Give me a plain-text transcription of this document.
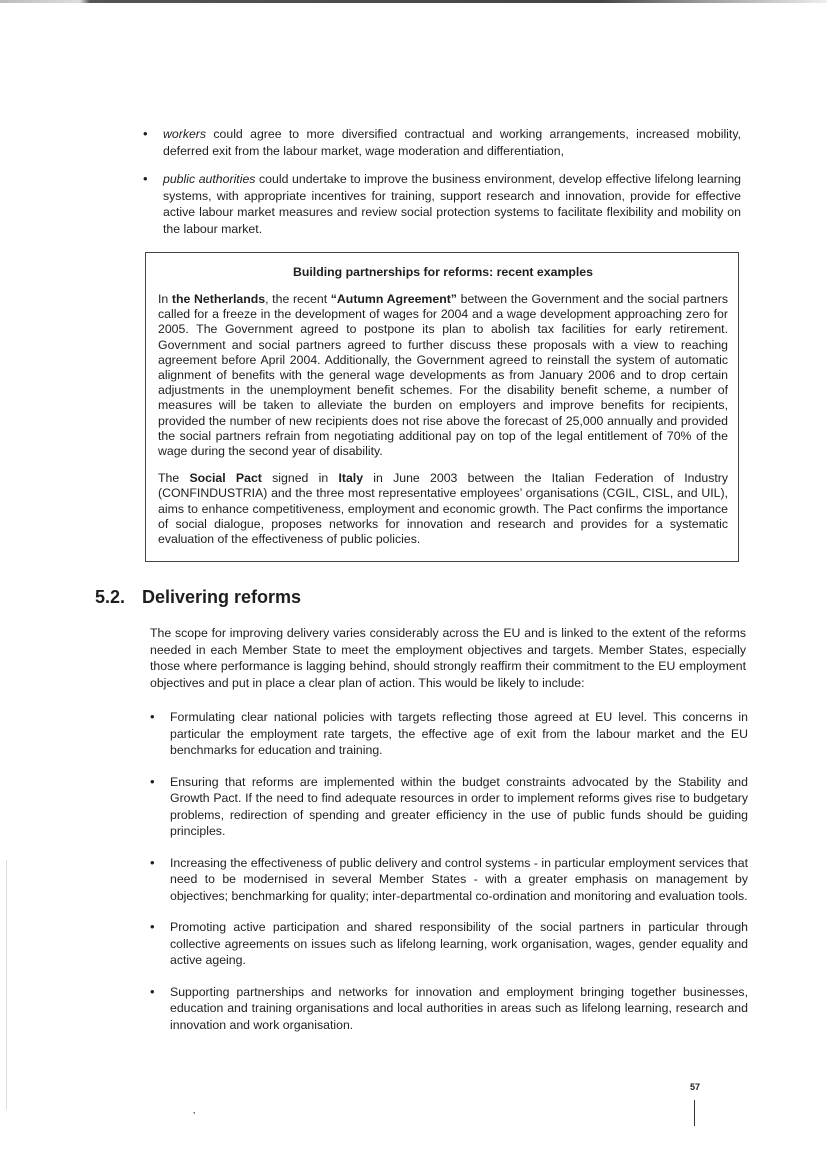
• workers could agree to more diversified contractual and working arrangements, increased mobility, deferred exit from the labour market, wage moderation and differentiation,
• public authorities could undertake to improve the business environment, develop effective lifelong learning systems, with appropriate incentives for training, support research and innovation, provide for effective active labour market measures and review social protection systems to facilitate flexibility and mobility on the labour market.
Building partnerships for reforms: recent examples

In the Netherlands, the recent “Autumn Agreement” between the Government and the social partners called for a freeze in the development of wages for 2004 and a wage development approaching zero for 2005. The Government agreed to postpone its plan to abolish tax facilities for early retirement. Government and social partners agreed to further discuss these proposals with a view to reaching agreement before April 2004. Additionally, the Government agreed to reinstall the system of automatic alignment of benefits with the general wage developments as from January 2006 and to drop certain adjustments in the unemployment benefit schemes. For the disability benefit scheme, a number of measures will be taken to alleviate the burden on employers and improve benefits for recipients, provided the number of new recipients does not rise above the forecast of 25,000 annually and provided the social partners refrain from negotiating additional pay on top of the legal entitlement of 70% of the wage during the second year of disability.

The Social Pact signed in Italy in June 2003 between the Italian Federation of Industry (CONFINDUSTRIA) and the three most representative employees’ organisations (CGIL, CISL, and UIL), aims to enhance competitiveness, employment and economic growth. The Pact confirms the importance of social dialogue, proposes networks for innovation and research and provides for a systematic evaluation of the effectiveness of public policies.

5.2. Delivering reforms

The scope for improving delivery varies considerably across the EU and is linked to the extent of the reforms needed in each Member State to meet the employment objectives and targets. Member States, especially those where performance is lagging behind, should strongly reaffirm their commitment to the EU employment objectives and put in place a clear plan of action. This would be likely to include:

• Formulating clear national policies with targets reflecting those agreed at EU level. This concerns in particular the employment rate targets, the effective age of exit from the labour market and the EU benchmarks for education and training.
• Ensuring that reforms are implemented within the budget constraints advocated by the Stability and Growth Pact. If the need to find adequate resources in order to implement reforms gives rise to budgetary problems, redirection of spending and greater efficiency in the use of public funds should be guiding principles.
• Increasing the effectiveness of public delivery and control systems - in particular employment services that need to be modernised in several Member States - with a greater emphasis on management by objectives; benchmarking for quality; inter-departmental co-ordination and monitoring and evaluation tools.
• Promoting active participation and shared responsibility of the social partners in particular through collective agreements on issues such as lifelong learning, work organisation, wages, gender equality and active ageing.
• Supporting partnerships and networks for innovation and employment bringing together businesses, education and training organisations and local authorities in areas such as lifelong learning, research and innovation and work organisation.
57
’
